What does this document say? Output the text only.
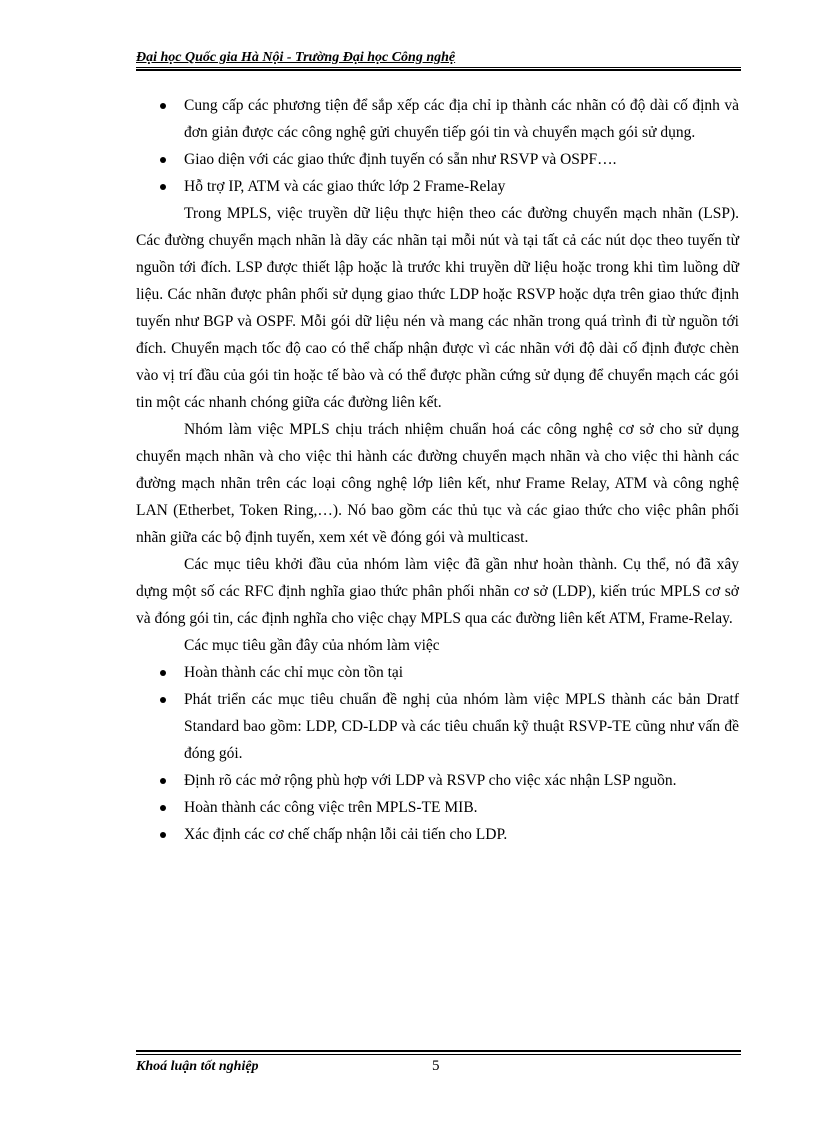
Đại học Quốc gia Hà Nội - Trường Đại học Công nghệ
Cung cấp các phương tiện để sắp xếp các địa chỉ ip thành các nhãn có độ dài cố định và đơn giản được các công nghệ gửi chuyển tiếp gói tin và chuyển mạch gói sử dụng.
Giao diện với các giao thức định tuyến có sẵn như RSVP và OSPF….
Hỗ trợ IP, ATM và các giao thức lớp 2 Frame-Relay
Trong MPLS, việc truyền dữ liệu thực hiện theo các đường chuyển mạch nhãn (LSP). Các đường chuyển mạch nhãn là dãy các nhãn tại mỗi nút và tại tất cả các nút dọc theo tuyến từ nguồn tới đích. LSP được thiết lập hoặc là trước khi truyền dữ liệu hoặc trong khi tìm luồng dữ liệu. Các nhãn được phân phối sử dụng giao thức LDP hoặc RSVP hoặc dựa trên giao thức định tuyến như BGP và OSPF. Mỗi gói dữ liệu nén và mang các nhãn trong quá trình đi từ nguồn tới đích. Chuyển mạch tốc độ cao có thể chấp nhận được vì các nhãn với độ dài cố định được chèn vào vị trí đầu của gói tin hoặc tế bào và có thể được phần cứng sử dụng để chuyển mạch các gói tin một các nhanh chóng giữa các đường liên kết.
Nhóm làm việc MPLS chịu trách nhiệm chuẩn hoá các công nghệ cơ sở cho sử dụng chuyển mạch nhãn và cho việc thi hành các đường chuyển mạch nhãn và cho việc thi hành các đường mạch nhãn trên các loại công nghệ lớp liên kết, như Frame Relay, ATM và công nghệ LAN (Etherbet, Token Ring,…). Nó bao gồm các thủ tục và các giao thức cho việc phân phối nhãn giữa các bộ định tuyến, xem xét về đóng gói và multicast.
Các mục tiêu khởi đầu của nhóm làm việc đã gần như hoàn thành. Cụ thể, nó đã xây dựng một số các RFC định nghĩa giao thức phân phối nhãn cơ sở (LDP), kiến trúc MPLS cơ sở và đóng gói tin, các định nghĩa cho việc chạy MPLS qua các đường liên kết ATM, Frame-Relay.
Các mục tiêu gần đây của nhóm làm việc
Hoàn thành các chỉ mục còn tồn tại
Phát triển các mục tiêu chuẩn đề nghị của nhóm làm việc MPLS thành các bản Dratf Standard bao gồm: LDP, CD-LDP và các tiêu chuẩn kỹ thuật RSVP-TE cũng như vấn đề đóng gói.
Định rõ các mở rộng phù hợp với LDP và RSVP cho việc xác nhận LSP nguồn.
Hoàn thành các công việc trên MPLS-TE MIB.
Xác định các cơ chế chấp nhận lỗi cải tiến cho LDP.
Khoá luận tốt nghiệp	5
